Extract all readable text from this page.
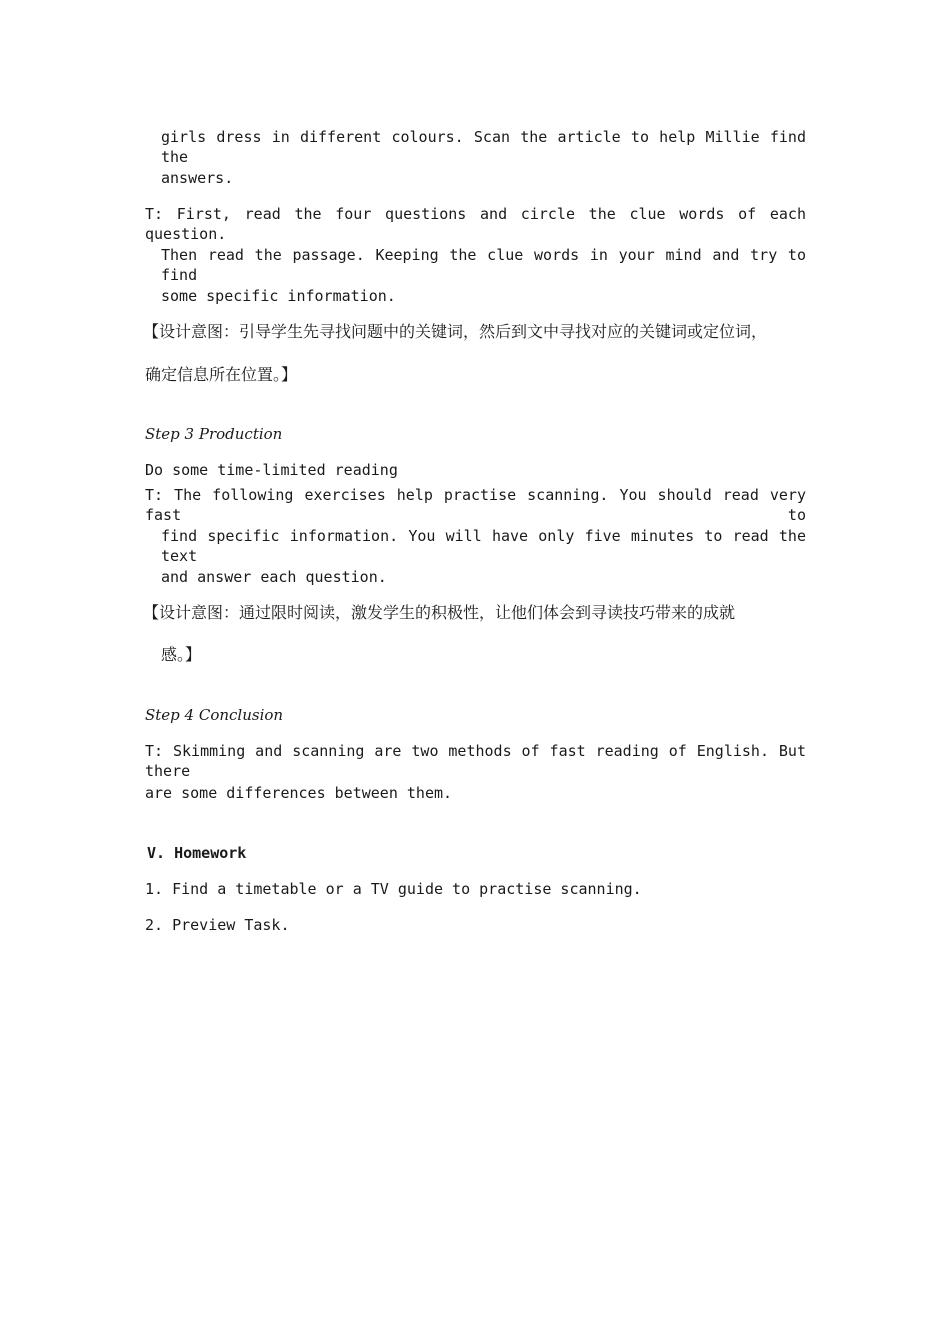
girls dress in different colours. Scan the article to help Millie find the
answers.
T: First, read the four questions and circle the clue words of each question.
Then read the passage. Keeping the clue words in your mind and try to find
some specific information.
【设计意图：引导学生先寻找问题中的关键词，然后到文中寻找对应的关键词或定位词，
确定信息所在位置。】
Step 3 Production
Do some time-limited reading
T: The following exercises help practise scanning. You should read very fast to
find specific information. You will have only five minutes to read the text
and answer each question.
【设计意图：通过限时阅读，激发学生的积极性，让他们体会到寻读技巧带来的成就
感。】
Step 4 Conclusion
T: Skimming and scanning are two methods of fast reading of English. But there
are some differences between them.
V. Homework
1. Find a timetable or a TV guide to practise scanning.
2. Preview Task.
